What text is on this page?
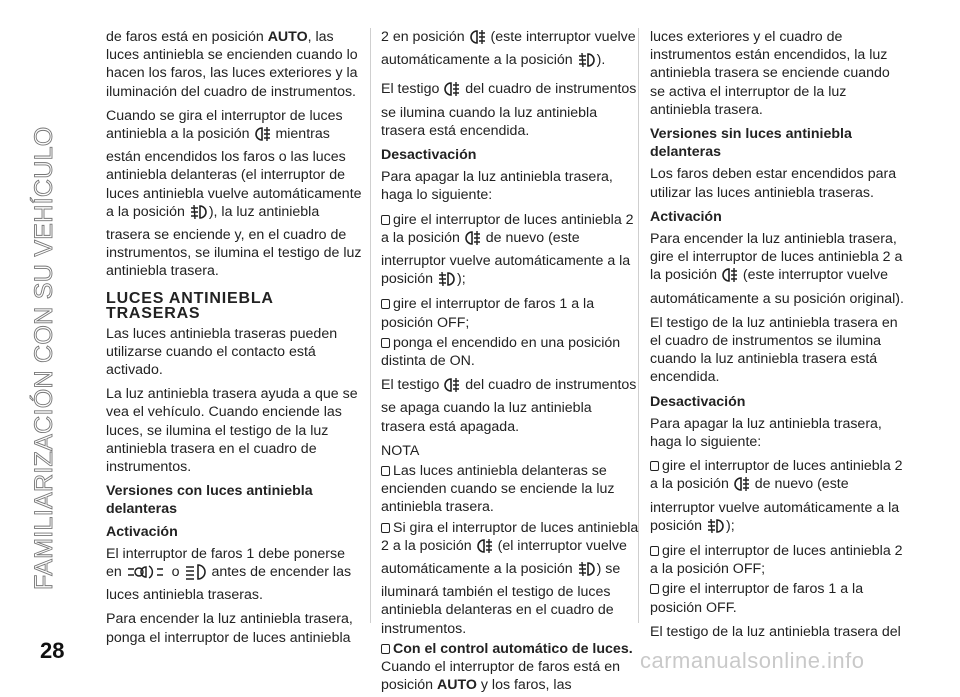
FAMILIARIZACIÓN CON SU VEHÍCULO

de faros está en posición AUTO, las luces antiniebla se encienden cuando lo hacen los faros, las luces exteriores y la iluminación del cuadro de instrumentos.

Cuando se gira el interruptor de luces antiniebla a la posición  mientras están encendidos los faros o las luces antiniebla delanteras (el interruptor de luces antiniebla vuelve automáticamente a la posición ), la luz antiniebla trasera se enciende y, en el cuadro de instrumentos, se ilumina el testigo de luz antiniebla trasera.

LUCES ANTINIEBLA TRASERAS

Las luces antiniebla traseras pueden utilizarse cuando el contacto está activado.

La luz antiniebla trasera ayuda a que se vea el vehículo. Cuando enciende las luces, se ilumina el testigo de la luz antiniebla trasera en el cuadro de instrumentos.

Versiones con luces antiniebla delanteras
Activación

El interruptor de faros 1 debe ponerse en	o  antes de encender las luces antiniebla traseras.

Para encender la luz antiniebla trasera, ponga el interruptor de luces antiniebla

2 en posición  (este interruptor vuelve automáticamente a la posición ).

El testigo  del cuadro de instrumentos se ilumina cuando la luz antiniebla trasera está encendida.

Desactivación

Para apagar la luz antiniebla trasera, haga lo siguiente:

gire el interruptor de luces antiniebla 2 a la posición  de nuevo (este interruptor vuelve automáticamente a la posición );

gire el interruptor de faros 1 a la posición OFF;

ponga el encendido en una posición distinta de ON.

El testigo  del cuadro de instrumentos se apaga cuando la luz antiniebla trasera está apagada.

NOTA

Las luces antiniebla delanteras se encienden cuando se enciende la luz antiniebla trasera.

Si gira el interruptor de luces antiniebla 2 a la posición  (el interruptor vuelve automáticamente a la posición ) se iluminará también el testigo de luces antiniebla delanteras en el cuadro de instrumentos.

Con el control automático de luces. Cuando el interruptor de faros está en posición AUTO y los faros, las

luces exteriores y el cuadro de instrumentos están encendidos, la luz antiniebla trasera se enciende cuando se activa el interruptor de la luz antiniebla trasera.

Versiones sin luces antiniebla delanteras

Los faros deben estar encendidos para utilizar las luces antiniebla traseras.

Activación

Para encender la luz antiniebla trasera, gire el interruptor de luces antiniebla 2 a la posición  (este interruptor vuelve automáticamente a su posición original).

El testigo de la luz antiniebla trasera en el cuadro de instrumentos se ilumina cuando la luz antiniebla trasera está encendida.

Desactivación

Para apagar la luz antiniebla trasera, haga lo siguiente:

gire el interruptor de luces antiniebla 2 a la posición  de nuevo (este interruptor vuelve automáticamente a la posición );

gire el interruptor de luces antiniebla 2 a la posición OFF;

gire el interruptor de faros 1 a la posición OFF.

El testigo de la luz antiniebla trasera del

28	carmanualsonline.info
